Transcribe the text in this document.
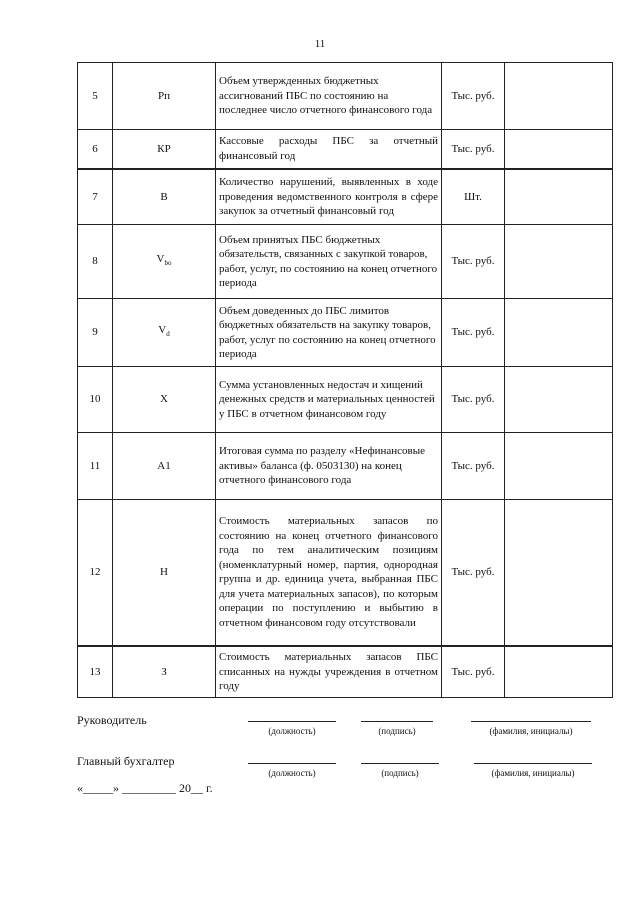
11
5	Рп	Объем утвержденных бюджетных ассигнований ПБС по состоянию на последнее число отчетного финансового года	Тыс. руб.	
6	КР	Кассовые расходы ПБС за отчетный финансовый год	Тыс. руб.	
7	В	Количество нарушений, выявленных в ходе проведения ведомственного контроля в сфере закупок за отчетный финансовый год	Шт.	
8	$V_{bo}$	Объем принятых ПБС бюджетных обязательств, связанных с закупкой товаров, работ, услуг, по состоянию на конец отчетного периода	Тыс. руб.	
9	$V_d$	Объем доведенных до ПБС лимитов бюджетных обязательств на закупку товаров, работ, услуг по состоянию на конец отчетного периода	Тыс. руб.	
10	Х	Сумма установленных недостач и хищений денежных средств и материальных ценностей у ПБС в отчетном финансовом году	Тыс. руб.	
11	А1	Итоговая сумма по разделу «Нефинансовые активы» баланса (ф. 0503130) на конец отчетного финансового года	Тыс. руб.	
12	Н	Стоимость материальных запасов по состоянию на конец отчетного финансового года по тем аналитическим позициям (номенклатурный номер, партия, однородная группа и др. единица учета, выбранная ПБС для учета материальных запасов), по которым операции по поступлению и выбытию в отчетном финансовом году отсутствовали	Тыс. руб.	
13	З	Стоимость материальных запасов ПБС списанных на нужды учреждения в отчетном году	Тыс. руб.	
Руководитель
(должность)	(подпись)	(фамилия, инициалы)
Главный бухгалтер
(должность)	(подпись)	(фамилия, инициалы)
«_____» _________ 20__ г.
